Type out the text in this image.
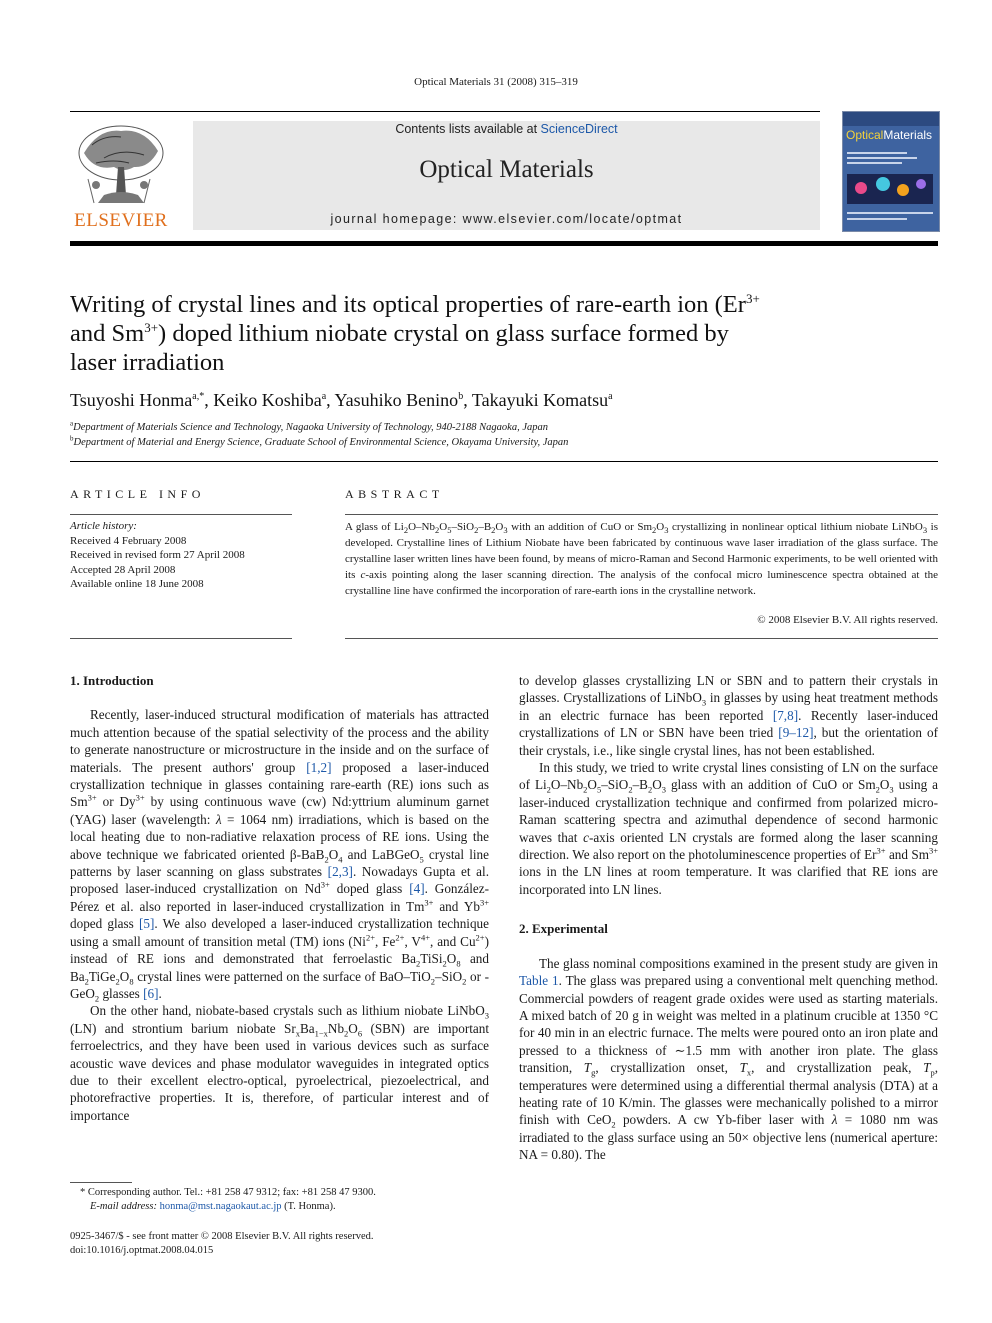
Optical Materials 31 (2008) 315–319
ELSEVIER
Contents lists available at ScienceDirect
Optical Materials
journal homepage: www.elsevier.com/locate/optmat
OpticalMaterials
Writing of crystal lines and its optical properties of rare-earth ion ($Er^{3+}$ and $Sm^{3+}$) doped lithium niobate crystal on glass surface formed by laser irradiation
Tsuyoshi Honma$^{a,*}$, Keiko Koshiba$^a$, Yasuhiko Benino$^b$, Takayuki Komatsu$^a$
$^a$Department of Materials Science and Technology, Nagaoka University of Technology, 940-2188 Nagaoka, Japan
$^b$Department of Material and Energy Science, Graduate School of Environmental Science, Okayama University, Japan
ARTICLE INFO
Article history:
Received 4 February 2008
Received in revised form 27 April 2008
Accepted 28 April 2008
Available online 18 June 2008
ABSTRACT
A glass of $Li_2O-Nb_2O_5-SiO_2-B_2O_3$ with an addition of CuO or $Sm_2O_3$ crystallizing in nonlinear optical lithium niobate LiNbO$_3$ is developed. Crystalline lines of Lithium Niobate have been fabricated by continuous wave laser irradiation of the glass surface. The crystalline laser written lines have been found, by means of micro-Raman and Second Harmonic experiments, to be well oriented with its c-axis pointing along the laser scanning direction. The analysis of the confocal micro luminescence spectra obtained at the crystalline line have confirmed the incorporation of rare-earth ions in the crystalline network.
© 2008 Elsevier B.V. All rights reserved.
1. Introduction

Recently, laser-induced structural modification of materials has attracted much attention because of the spatial selectivity of the process and the ability to generate nanostructure or microstructure in the inside and on the surface of materials. The present authors' group [1,2] proposed a laser-induced crystallization technique in glasses containing rare-earth (RE) ions such as $Sm^{3+}$ or $Dy^{3+}$ by using continuous wave (cw) Nd:yttrium aluminum garnet (YAG) laser (wavelength: λ = 1064 nm) irradiations, which is based on the local heating due to non-radiative relaxation process of RE ions. Using the above technique we fabricated oriented $\beta-BaB_2O_4$ and LaBGeO$_5$ crystal line patterns by laser scanning on glass substrates [2,3]. Nowadays Gupta et al. proposed laser-induced crystallization on $Nd^{3+}$ doped glass [4]. González-Pérez et al. also reported in laser-induced crystallization in $Tm^{3+}$ and $Yb^{3+}$ doped glass [5]. We also developed a laser-induced crystallization technique using a small amount of transition metal (TM) ions ($Ni^{2+}$, $Fe^{2+}$, $V^{4+}$, and $Cu^{2+}$) instead of RE ions and demonstrated that ferroelastic $Ba_2TiSi_2O_8$ and $Ba_2TiGe_2O_8$ crystal lines were patterned on the surface of BaO–TiO$_2$–SiO$_2$ or -GeO$_2$ glasses [6].

On the other hand, niobate-based crystals such as lithium niobate LiNbO$_3$ (LN) and strontium barium niobate $Sr_xBa_{1-x}Nb_2O_6$ (SBN) are important ferroelectrics, and they have been used in various devices such as surface acoustic wave devices and phase modulator waveguides in integrated optics due to their excellent electro-optical, pyroelectrical, piezoelectrical, and photorefractive properties. It is, therefore, of particular interest and of importance

* Corresponding author. Tel.: +81 258 47 9312; fax: +81 258 47 9300.
E-mail address: honma@mst.nagaokaut.ac.jp (T. Honma).
0925-3467/$ - see front matter © 2008 Elsevier B.V. All rights reserved.
doi:10.1016/j.optmat.2008.04.015

to develop glasses crystallizing LN or SBN and to pattern their crystals in glasses. Crystallizations of LiNbO$_3$ in glasses by using heat treatment methods in an electric furnace has been reported [7,8]. Recently laser-induced crystallizations of LN or SBN have been tried [9–12], but the orientation of their crystals, i.e., like single crystal lines, has not been established.

In this study, we tried to write crystal lines consisting of LN on the surface of $Li_2O-Nb_2O_5-SiO_2-B_2O_3$ glass with an addition of CuO or $Sm_2O_3$ using a laser-induced crystallization technique and confirmed from polarized micro-Raman scattering spectra and azimuthal dependence of second harmonic waves that c-axis oriented LN crystals are formed along the laser scanning direction. We also report on the photoluminescence properties of $Er^{3+}$ and $Sm^{3+}$ ions in the LN lines at room temperature. It was clarified that RE ions are incorporated into LN lines.

2. Experimental

The glass nominal compositions examined in the present study are given in Table 1. The glass was prepared using a conventional melt quenching method. Commercial powders of reagent grade oxides were used as starting materials. A mixed batch of 20 g in weight was melted in a platinum crucible at 1350 °C for 40 min in an electric furnace. The melts were poured onto an iron plate and pressed to a thickness of ∼1.5 mm with another iron plate. The glass transition, $T_g$, crystallization onset, $T_x$, and crystallization peak, $T_p$, temperatures were determined using a differential thermal analysis (DTA) at a heating rate of 10 K/min. The glasses were mechanically polished to a mirror finish with CeO$_2$ powders. A cw Yb-fiber laser with λ = 1080 nm was irradiated to the glass surface using an 50× objective lens (numerical aperture: NA = 0.80). The
